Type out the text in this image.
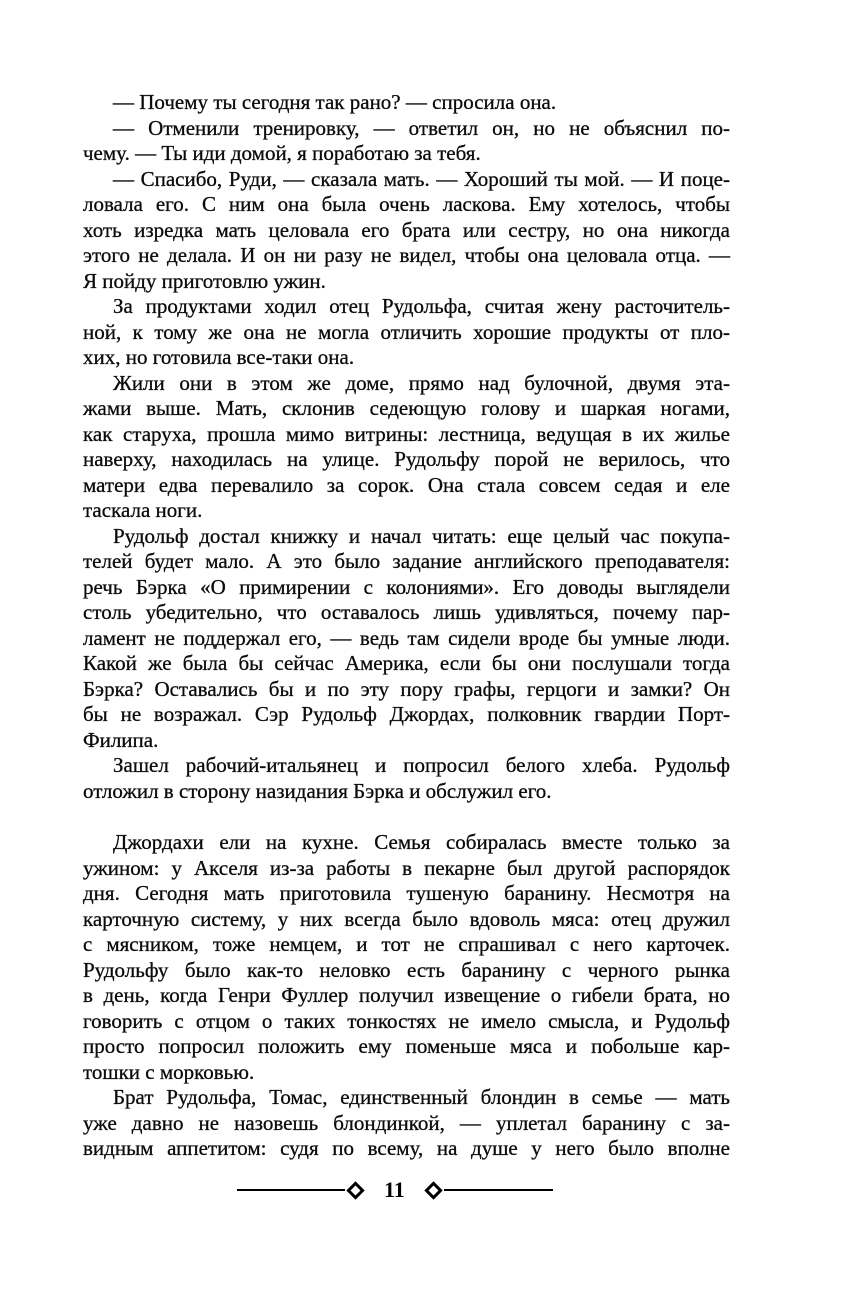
— Почему ты сегодня так рано? — спросила она.

— Отменили тренировку, — ответил он, но не объяснил по-
чему. — Ты иди домой, я поработаю за тебя.

— Спасибо, Руди, — сказала мать. — Хороший ты мой. — И поце-
ловала его. С ним она была очень ласкова. Ему хотелось, чтобы
хоть изредка мать целовала его брата или сестру, но она никогда
этого не делала. И он ни разу не видел, чтобы она целовала отца. —
Я пойду приготовлю ужин.

За продуктами ходил отец Рудольфа, считая жену расточитель-
ной, к тому же она не могла отличить хорошие продукты от пло-
хих, но готовила все-таки она.

Жили они в этом же доме, прямо над булочной, двумя эта-
жами выше. Мать, склонив седеющую голову и шаркая ногами,
как старуха, прошла мимо витрины: лестница, ведущая в их жилье
наверху, находилась на улице. Рудольфу порой не верилось, что
матери едва перевалило за сорок. Она стала совсем седая и еле
таскала ноги.

Рудольф достал книжку и начал читать: еще целый час покупа-
телей будет мало. А это было задание английского преподавателя:
речь Бэрка «О примирении с колониями». Его доводы выглядели
столь убедительно, что оставалось лишь удивляться, почему пар-
ламент не поддержал его, — ведь там сидели вроде бы умные люди.
Какой же была бы сейчас Америка, если бы они послушали тогда
Бэрка? Оставались бы и по эту пору графы, герцоги и замки? Он
бы не возражал. Сэр Рудольф Джордах, полковник гвардии Порт-
Филипа.

Зашел рабочий-итальянец и попросил белого хлеба. Рудольф
отложил в сторону назидания Бэрка и обслужил его.

Джордахи ели на кухне. Семья собиралась вместе только за
ужином: у Акселя из-за работы в пекарне был другой распорядок
дня. Сегодня мать приготовила тушеную баранину. Несмотря на
карточную систему, у них всегда было вдоволь мяса: отец дружил
с мясником, тоже немцем, и тот не спрашивал с него карточек.
Рудольфу было как-то неловко есть баранину с черного рынка
в день, когда Генри Фуллер получил извещение о гибели брата, но
говорить с отцом о таких тонкостях не имело смысла, и Рудольф
просто попросил положить ему поменьше мяса и побольше кар-
тошки с морковью.

Брат Рудольфа, Томас, единственный блондин в семье — мать
уже давно не назовешь блондинкой, — уплетал баранину с за-
видным аппетитом: судя по всему, на душе у него было вполне

11
